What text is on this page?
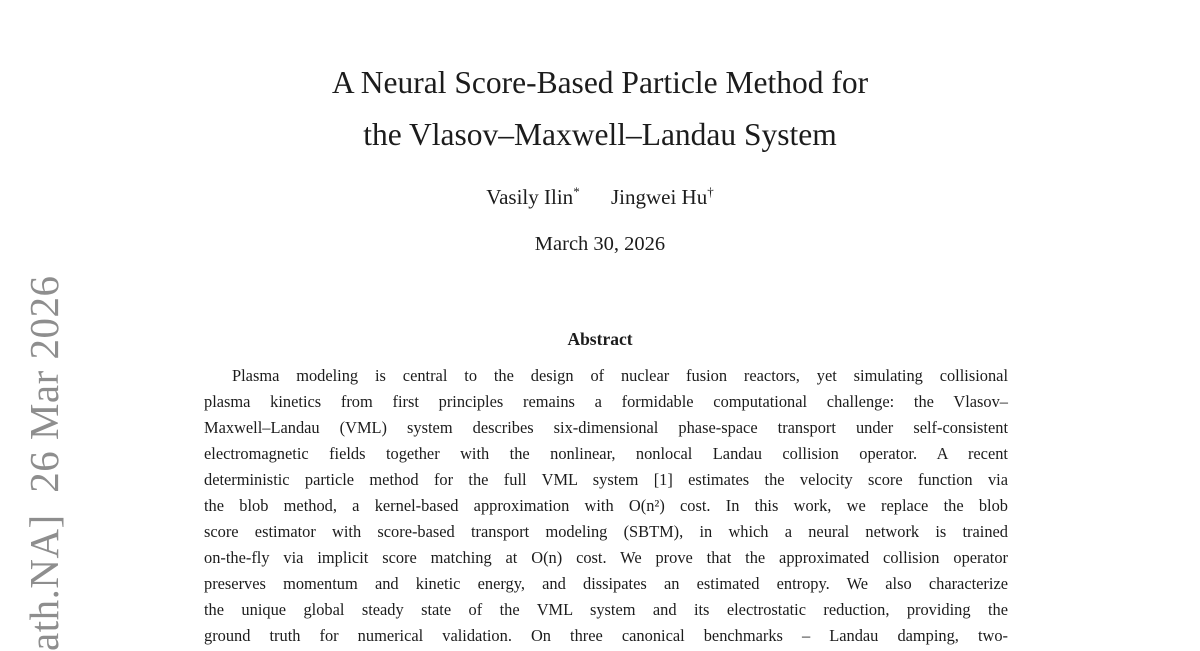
ath.NA]  26 Mar 2026
A Neural Score-Based Particle Method for
the Vlasov–Maxwell–Landau System
Vasily Ilin* Jingwei Hu†
March 30, 2026
Abstract
Plasma modeling is central to the design of nuclear fusion reactors, yet simulating collisional
plasma kinetics from first principles remains a formidable computational challenge: the Vlasov–
Maxwell–Landau (VML) system describes six-dimensional phase-space transport under self-consistent
electromagnetic fields together with the nonlinear, nonlocal Landau collision operator. A recent
deterministic particle method for the full VML system [1] estimates the velocity score function via
the blob method, a kernel-based approximation with O(n²) cost. In this work, we replace the blob
score estimator with score-based transport modeling (SBTM), in which a neural network is trained
on-the-fly via implicit score matching at O(n) cost. We prove that the approximated collision operator
preserves momentum and kinetic energy, and dissipates an estimated entropy. We also characterize
the unique global steady state of the VML system and its electrostatic reduction, providing the
ground truth for numerical validation. On three canonical benchmarks – Landau damping, two-
